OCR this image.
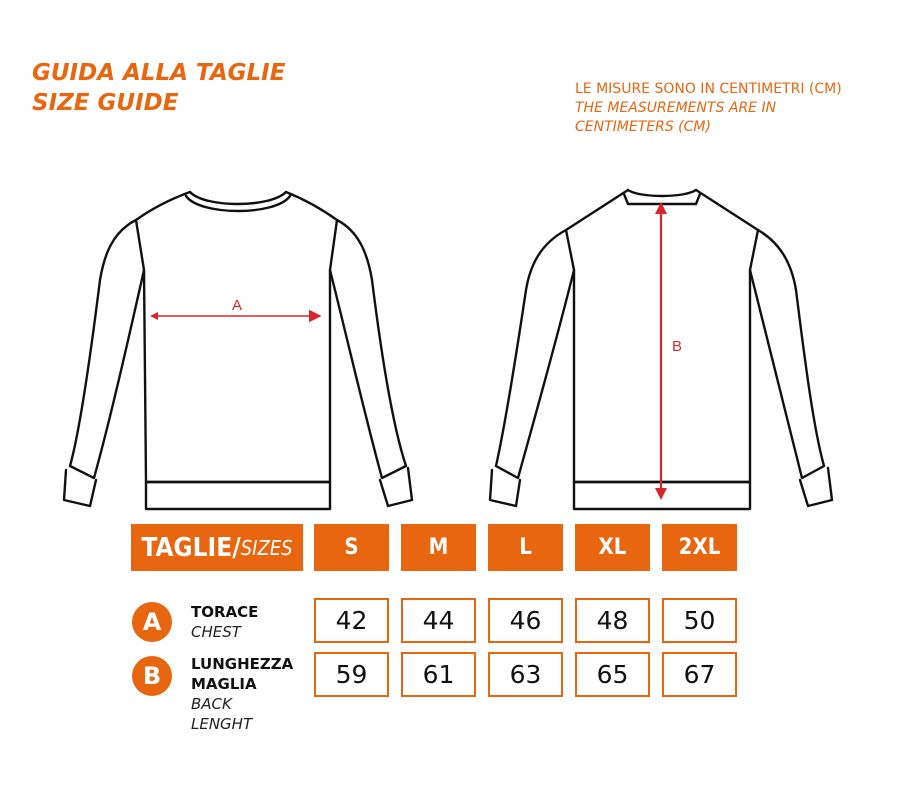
GUIDA ALLA TAGLIE
SIZE GUIDE
LE MISURE SONO IN CENTIMETRI (CM)
THE MEASUREMENTS ARE IN CENTIMETERS (CM)
A
B
TAGLIE/ SIZES	S	M	L	XL	2XL
A	TORACE
CHEST	42	44	46	48	50
B	LUNGHEZZA
MAGLIA
BACK
LENGHT
59	61	63	65	67
